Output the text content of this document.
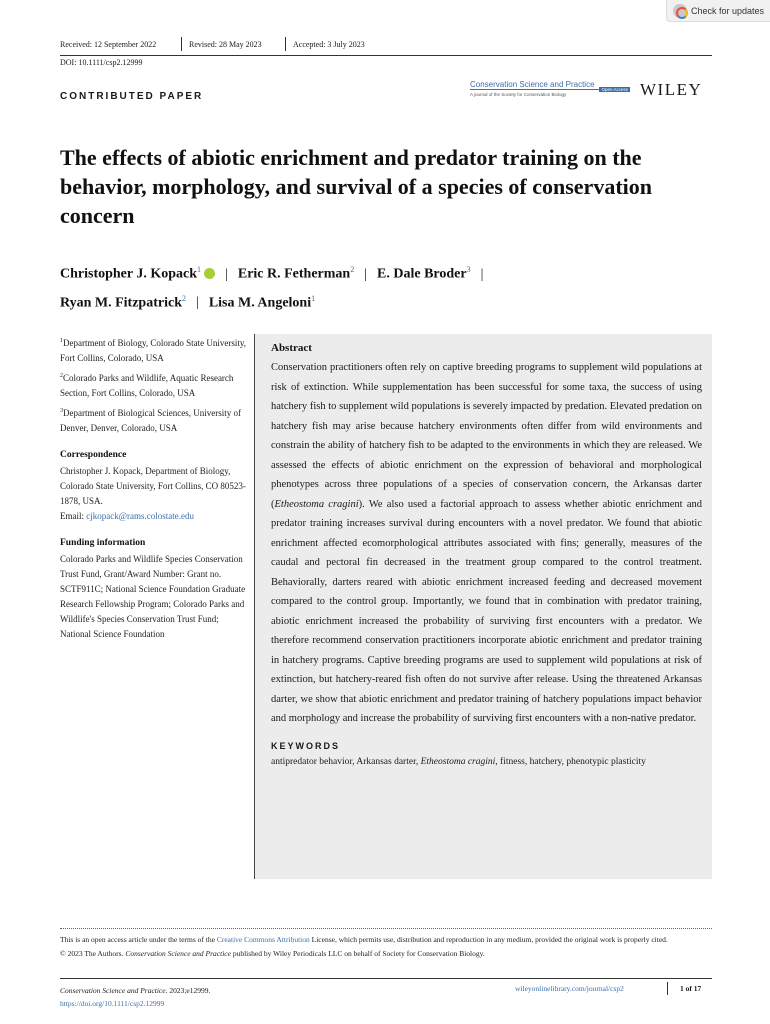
Check for updates
Received: 12 September 2022	Revised: 28 May 2023	Accepted: 3 July 2023
DOI: 10.1111/csp2.12999
Conservation Science and Practice
Open Access
A journal of the Society for Conservation Biology	WILEY
CONTRIBUTED PAPER
The effects of abiotic enrichment and predator training on the behavior, morphology, and survival of a species of conservation concern
Christopher J. Kopack$^1$ | Eric R. Fetherman$^2$ | E. Dale Broder$^3$ |
Ryan M. Fitzpatrick$^2$ | Lisa M. Angeloni$^1$
$^1$Department of Biology, Colorado State University, Fort Collins, Colorado, USA
$^2$Colorado Parks and Wildlife, Aquatic Research Section, Fort Collins, Colorado, USA
$^3$Department of Biological Sciences, University of Denver, Denver, Colorado, USA
Correspondence
Christopher J. Kopack, Department of Biology, Colorado State University, Fort Collins, CO 80523-1878, USA.
Email: cjkopack@rams.colostate.edu
Funding information
Colorado Parks and Wildlife Species Conservation Trust Fund, Grant/Award Number: Grant no. SCTF911C; National Science Foundation Graduate Research Fellowship Program; Colorado Parks and Wildlife's Species Conservation Trust Fund; National Science Foundation
Abstract

Conservation practitioners often rely on captive breeding programs to supplement wild populations at risk of extinction. While supplementation has been successful for some taxa, the success of using hatchery fish to supplement wild populations is severely impacted by predation. Elevated predation on hatchery fish may arise because hatchery environments often differ from wild environments and constrain the ability of hatchery fish to be adapted to the environments in which they are released. We assessed the effects of abiotic enrichment on the expression of behavioral and morphological phenotypes across three populations of a species of conservation concern, the Arkansas darter (Etheostoma cragini). We also used a factorial approach to assess whether abiotic enrichment and predator training increases survival during encounters with a novel predator. We found that abiotic enrichment affected ecomorphological attributes associated with fins; generally, measures of the caudal and pectoral fin decreased in the treatment group compared to the control treatment. Behaviorally, darters reared with abiotic enrichment increased feeding and decreased movement compared to the control group. Importantly, we found that in combination with predator training, abiotic enrichment increased the probability of surviving first encounters with a predator. We therefore recommend conservation practitioners incorporate abiotic enrichment and predator training in hatchery programs. Captive breeding programs are used to supplement wild populations at risk of extinction, but hatchery-reared fish often do not survive after release. Using the threatened Arkansas darter, we show that abiotic enrichment and predator training of hatchery populations impact behavior and morphology and increase the probability of surviving first encounters with a non-native predator.

KEYWORDS
antipredator behavior, Arkansas darter, Etheostoma cragini, fitness, hatchery, phenotypic plasticity
This is an open access article under the terms of the Creative Commons Attribution License, which permits use, distribution and reproduction in any medium, provided the original work is properly cited.
© 2023 The Authors. Conservation Science and Practice published by Wiley Periodicals LLC on behalf of Society for Conservation Biology.
Conservation Science and Practice. 2023;e12999.
https://doi.org/10.1111/csp2.12999
wileyonlinelibrary.com/journal/csp2	1 of 17
